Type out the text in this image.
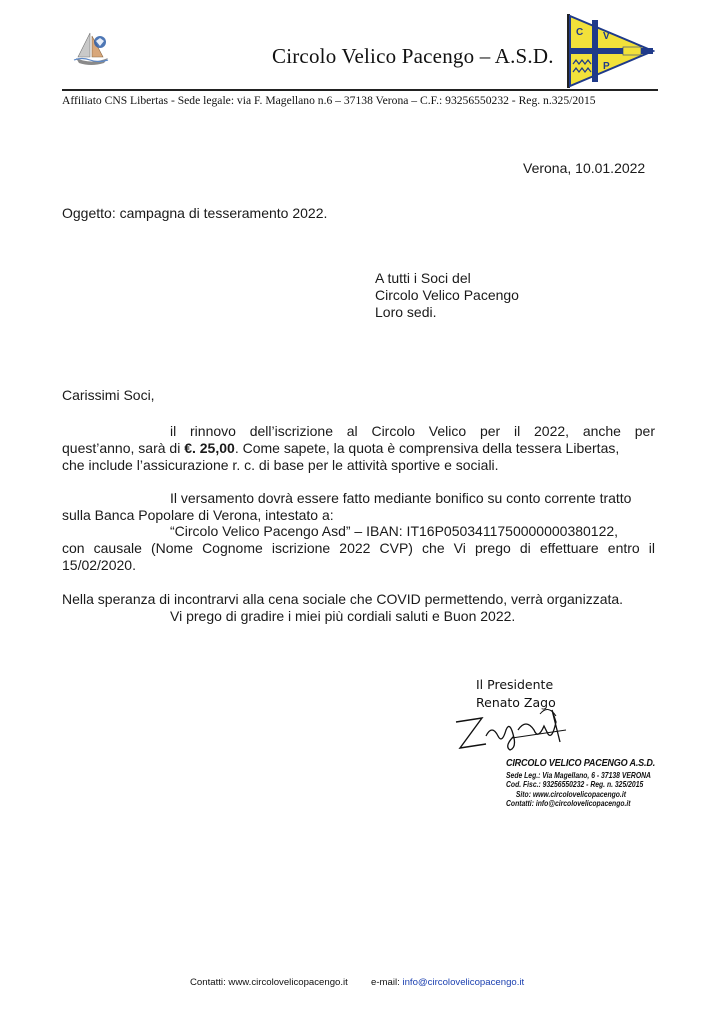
Circolo Velico Pacengo – A.S.D.
C V
P
Affiliato CNS Libertas - Sede legale: via F. Magellano n.6 – 37138 Verona – C.F.: 93256550232 - Reg. n.325/2015
Verona, 10.01.2022
Oggetto: campagna di tesseramento 2022.
A tutti i Soci del
Circolo Velico Pacengo
Loro sedi.
Carissimi Soci,
il rinnovo dell’iscrizione al Circolo Velico per il 2022, anche per
quest’anno, sarà di €. 25,00. Come sapete, la quota è comprensiva della tessera Libertas,
che include l’assicurazione r. c. di base per le attività sportive e sociali.
Il versamento dovrà essere fatto mediante bonifico su conto corrente tratto
sulla Banca Popolare di Verona, intestato a:
“Circolo Velico Pacengo Asd” – IBAN: IT16P0503411750000000380122,
con causale (Nome Cognome iscrizione 2022 CVP) che Vi prego di effettuare entro il
15/02/2020.
Nella speranza di incontrarvi alla cena sociale che COVID permettendo, verrà organizzata.
Vi prego di gradire i miei più cordiali saluti e Buon 2022.
Il Presidente
Renato Zago
CIRCOLO VELICO PACENGO A.S.D.
Sede Leg.: Via Magellano, 6 - 37138 VERONA
Cod. Fisc.: 93256550232 - Reg. n. 325/2015
Sito: www.circolovelicopacengo.it
Contatti: info@circolovelicopacengo.it
Contatti: www.circolovelicopacengo.it e-mail: info@circolovelicopacengo.it
